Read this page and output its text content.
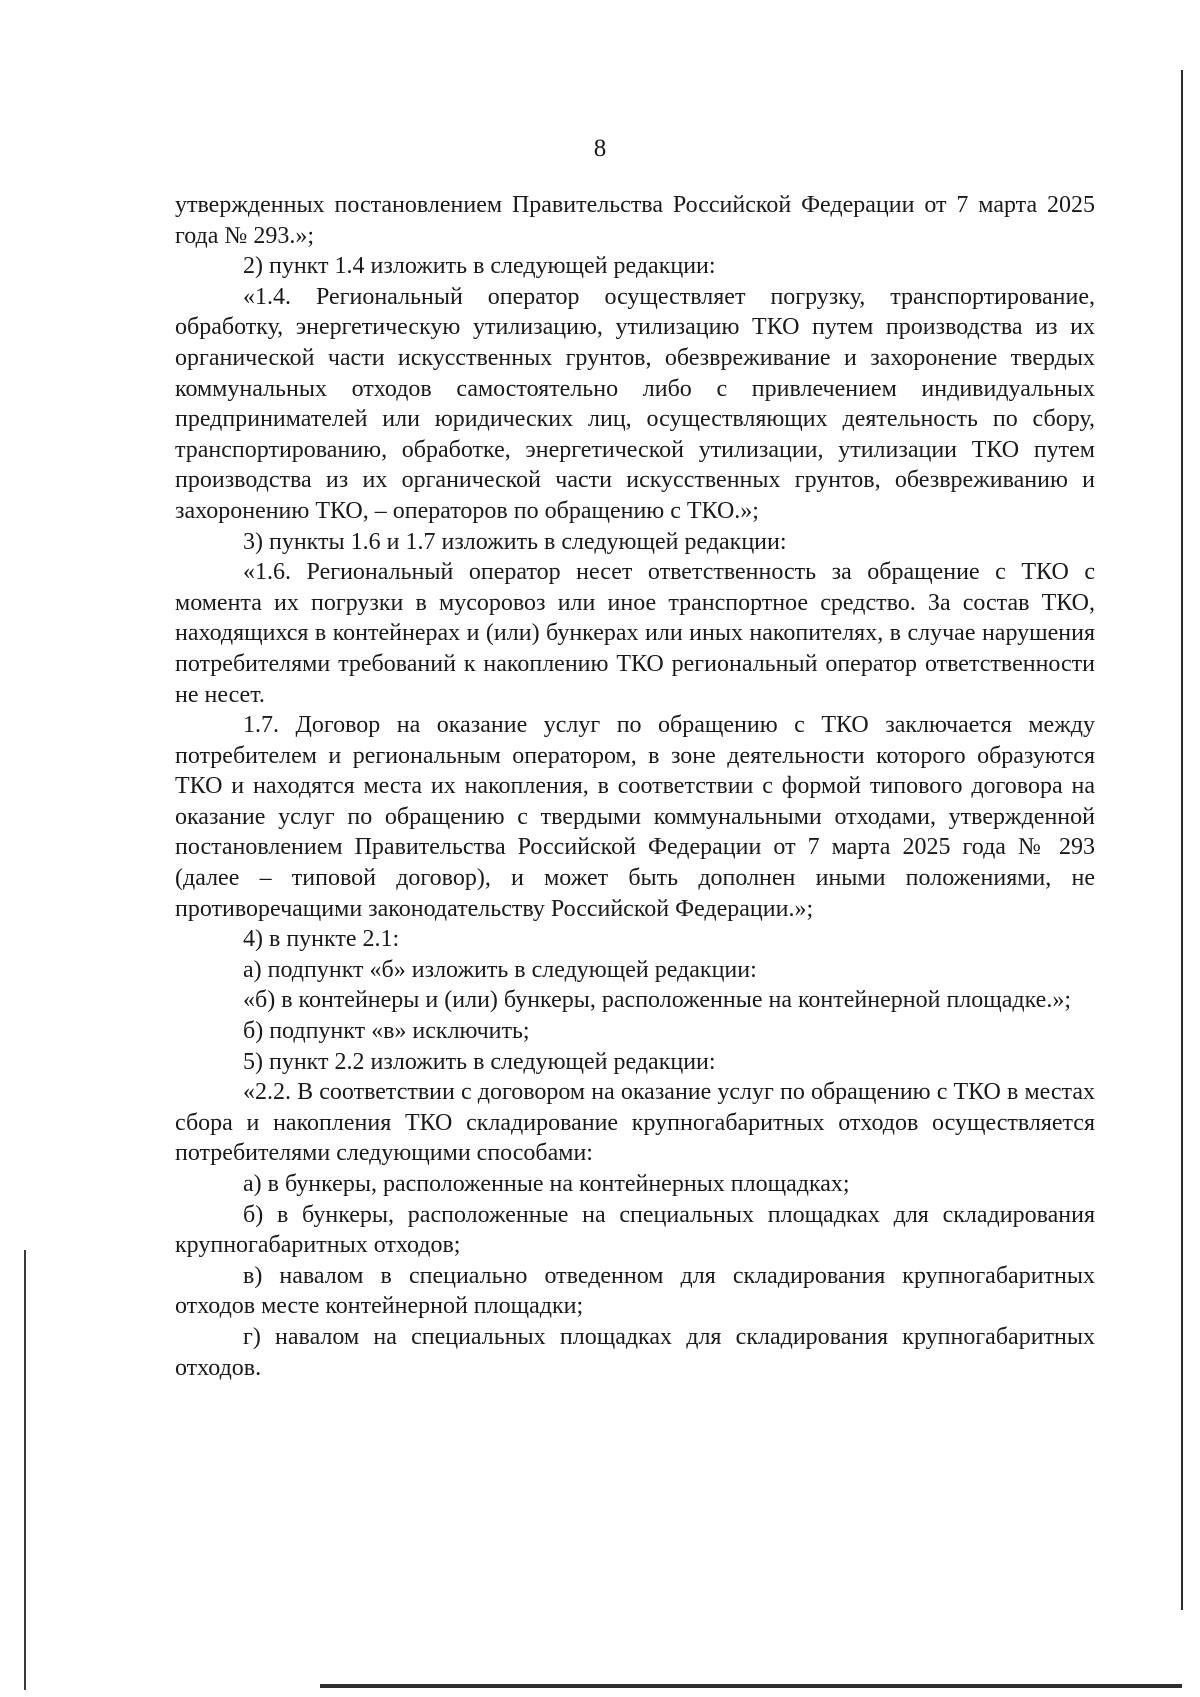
8

утвержденных постановлением Правительства Российской Федерации от 7 марта 2025 года № 293.»;

2) пункт 1.4 изложить в следующей редакции:

«1.4. Региональный оператор осуществляет погрузку, транспортирование, обработку, энергетическую утилизацию, утилизацию ТКО путем производства из их органической части искусственных грунтов, обезвреживание и захоронение твердых коммунальных отходов самостоятельно либо с привлечением индивидуальных предпринимателей или юридических лиц, осуществляющих деятельность по сбору, транспортированию, обработке, энергетической утилизации, утилизации ТКО путем производства из их органической части искусственных грунтов, обезвреживанию и захоронению ТКО, – операторов по обращению с ТКО.»;

3) пункты 1.6 и 1.7 изложить в следующей редакции:

«1.6. Региональный оператор несет ответственность за обращение с ТКО с момента их погрузки в мусоровоз или иное транспортное средство. За состав ТКО, находящихся в контейнерах и (или) бункерах или иных накопителях, в случае нарушения потребителями требований к накоплению ТКО региональный оператор ответственности не несет.

1.7. Договор на оказание услуг по обращению с ТКО заключается между потребителем и региональным оператором, в зоне деятельности которого образуются ТКО и находятся места их накопления, в соответствии с формой типового договора на оказание услуг по обращению с твердыми коммунальными отходами, утвержденной постановлением Правительства Российской Федерации от 7 марта 2025 года № 293 (далее – типовой договор), и может быть дополнен иными положениями, не противоречащими законодательству Российской Федерации.»;

4) в пункте 2.1:

а) подпункт «б» изложить в следующей редакции:

«б) в контейнеры и (или) бункеры, расположенные на контейнерной площадке.»;

б) подпункт «в» исключить;

5) пункт 2.2 изложить в следующей редакции:

«2.2. В соответствии с договором на оказание услуг по обращению с ТКО в местах сбора и накопления ТКО складирование крупногабаритных отходов осуществляется потребителями следующими способами:

а) в бункеры, расположенные на контейнерных площадках;

б) в бункеры, расположенные на специальных площадках для складирования крупногабаритных отходов;

в) навалом в специально отведенном для складирования крупногабаритных отходов месте контейнерной площадки;

г) навалом на специальных площадках для складирования крупногабаритных отходов.
